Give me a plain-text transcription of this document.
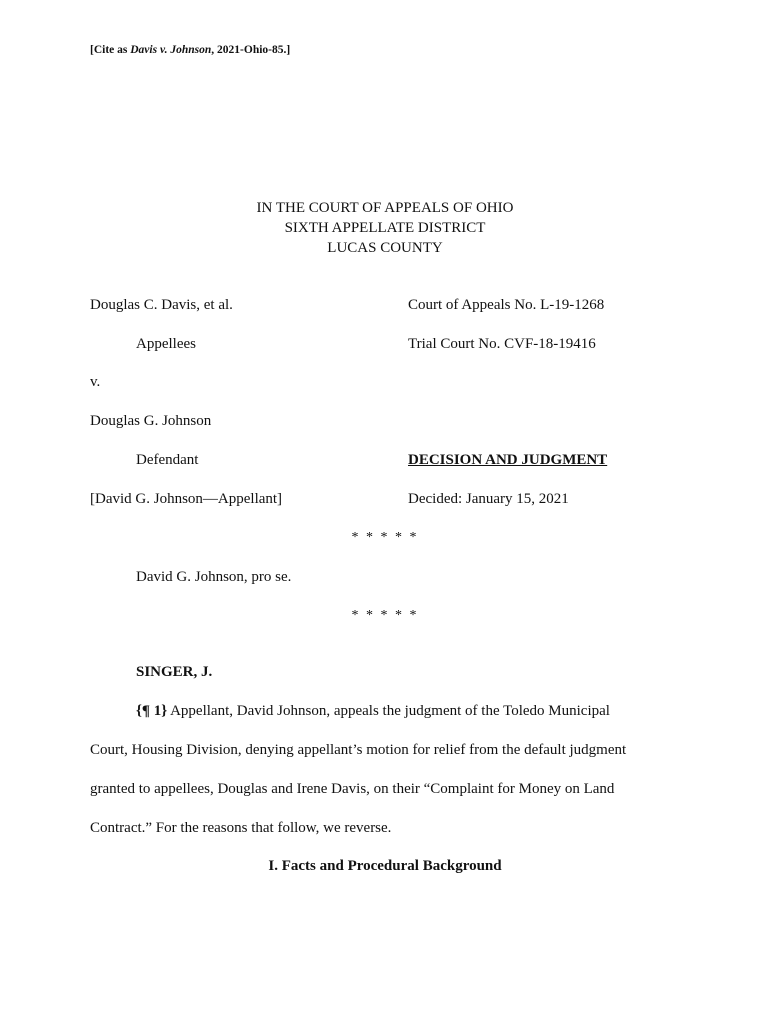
[Cite as Davis v. Johnson, 2021-Ohio-85.]
IN THE COURT OF APPEALS OF OHIO
SIXTH APPELLATE DISTRICT
LUCAS COUNTY
Douglas C. Davis, et al.	Court of Appeals No. L-19-1268
Appellees	Trial Court No. CVF-18-19416
v.
Douglas G. Johnson
Defendant	DECISION AND JUDGMENT
[David G. Johnson—Appellant]	Decided: January 15, 2021
* * * * *
David G. Johnson, pro se.
* * * * *
SINGER, J.
{¶ 1} Appellant, David Johnson, appeals the judgment of the Toledo Municipal
Court, Housing Division, denying appellant’s motion for relief from the default judgment
granted to appellees, Douglas and Irene Davis, on their “Complaint for Money on Land
Contract.” For the reasons that follow, we reverse.
I. Facts and Procedural Background
